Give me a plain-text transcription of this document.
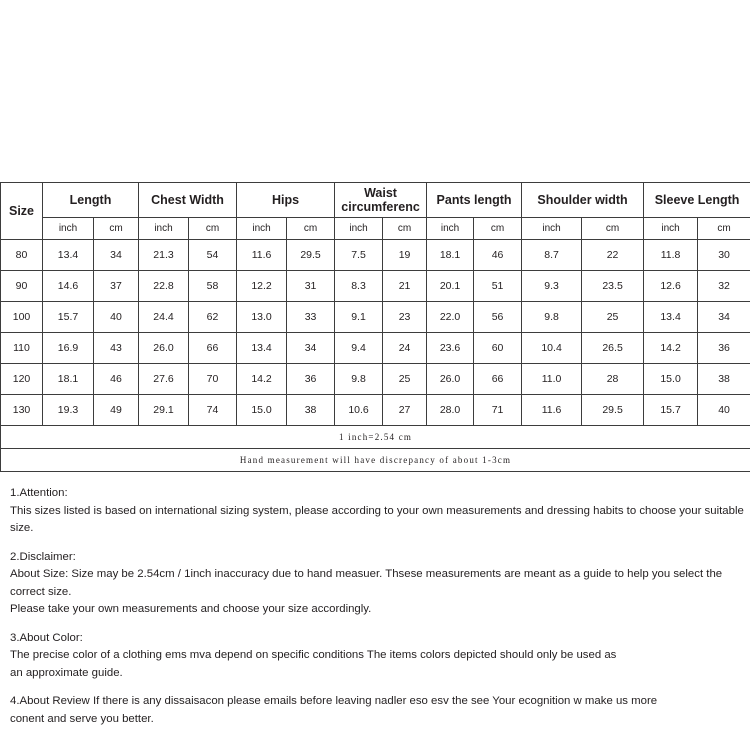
Size	Length		Chest Width		Hips		Waist circumferenc		Pants length		Shoulder width		Sleeve Length	
	inch	cm	inch	cm	inch	cm	inch	cm	inch	cm	inch	cm	inch	cm
80	13.4	34	21.3	54	11.6	29.5	7.5	19	18.1	46	8.7	22	11.8	30
90	14.6	37	22.8	58	12.2	31	8.3	21	20.1	51	9.3	23.5	12.6	32
100	15.7	40	24.4	62	13.0	33	9.1	23	22.0	56	9.8	25	13.4	34
110	16.9	43	26.0	66	13.4	34	9.4	24	23.6	60	10.4	26.5	14.2	36
120	18.1	46	27.6	70	14.2	36	9.8	25	26.0	66	11.0	28	15.0	38
130	19.3	49	29.1	74	15.0	38	10.6	27	28.0	71	11.6	29.5	15.7	40
1 inch=2.54 cm														
Hand measurement will have discrepancy of about 1-3cm														

1.Attention:

This sizes listed is based on international sizing system, please according to your own measurements and dressing habits to choose your suitable size.

2.Disclaimer:

About Size: Size may be 2.54cm / 1inch inaccuracy due to hand measuer. Thsese measurements are meant as a guide to help you select the correct size.

Please take your own measurements and choose your size accordingly.

3.About Color:

The precise color of a clothing ems mva depend on specific conditions The items colors depicted should only be used as

an approximate guide.

4.About Review If there is any dissaisacon please emails before leaving nadler eso esv the see Your ecognition w make us more

conent and serve you better.
